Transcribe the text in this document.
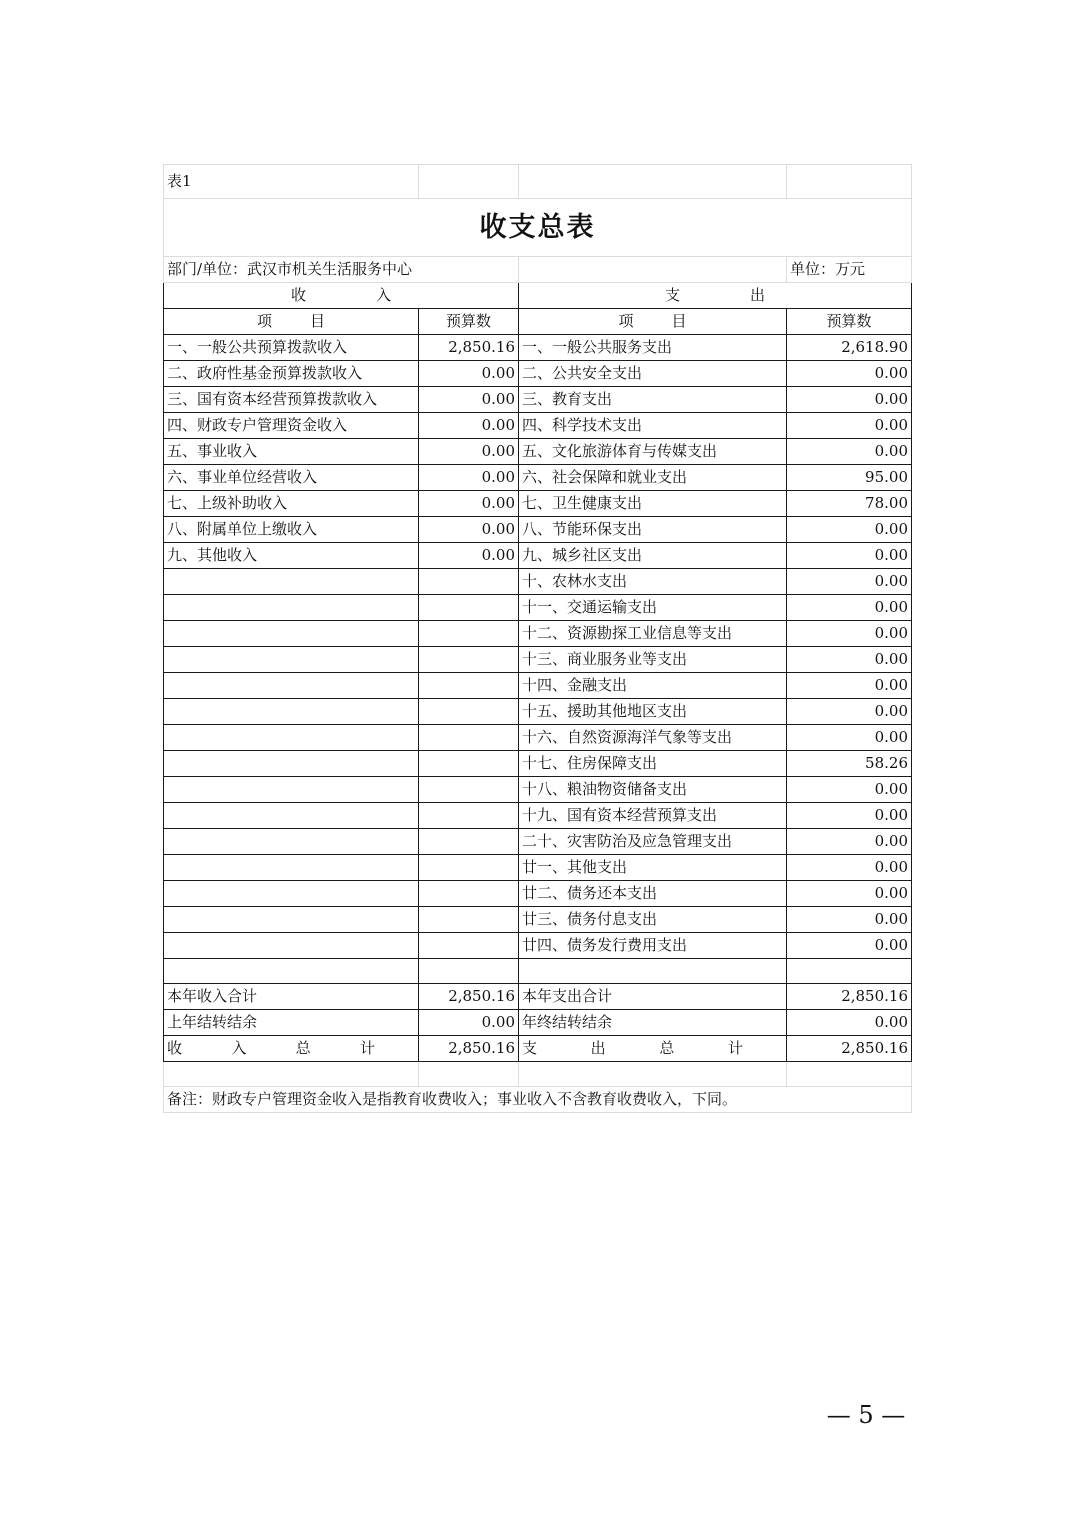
表1			
收支总表			
部门/单位：武汉市机关生活服务中心			单位：万元
收 入		支 出	
项 目	预算数	项 目	预算数
一、一般公共预算拨款收入	2,850.16	一、一般公共服务支出	2,618.90
二、政府性基金预算拨款收入	0.00	二、公共安全支出	0.00
三、国有资本经营预算拨款收入	0.00	三、教育支出	0.00
四、财政专户管理资金收入	0.00	四、科学技术支出	0.00
五、事业收入	0.00	五、文化旅游体育与传媒支出	0.00
六、事业单位经营收入	0.00	六、社会保障和就业支出	95.00
七、上级补助收入	0.00	七、卫生健康支出	78.00
八、附属单位上缴收入	0.00	八、节能环保支出	0.00
九、其他收入	0.00	九、城乡社区支出	0.00
		十、农林水支出	0.00
		十一、交通运输支出	0.00
		十二、资源勘探工业信息等支出	0.00
		十三、商业服务业等支出	0.00
		十四、金融支出	0.00
		十五、援助其他地区支出	0.00
		十六、自然资源海洋气象等支出	0.00
		十七、住房保障支出	58.26
		十八、粮油物资储备支出	0.00
		十九、国有资本经营预算支出	0.00
		二十、灾害防治及应急管理支出	0.00
		廿一、其他支出	0.00
		廿二、债务还本支出	0.00
		廿三、债务付息支出	0.00
		廿四、债务发行费用支出	0.00

本年收入合计	2,850.16	本年支出合计	2,850.16
上年结转结余	0.00	年终结转结余	0.00

收 入 总 计	2,850.16	支 出 总 计	2,850.16

备注：财政专户管理资金收入是指教育收费收入；事业收入不含教育收费收入，下同。			
— 5 —
